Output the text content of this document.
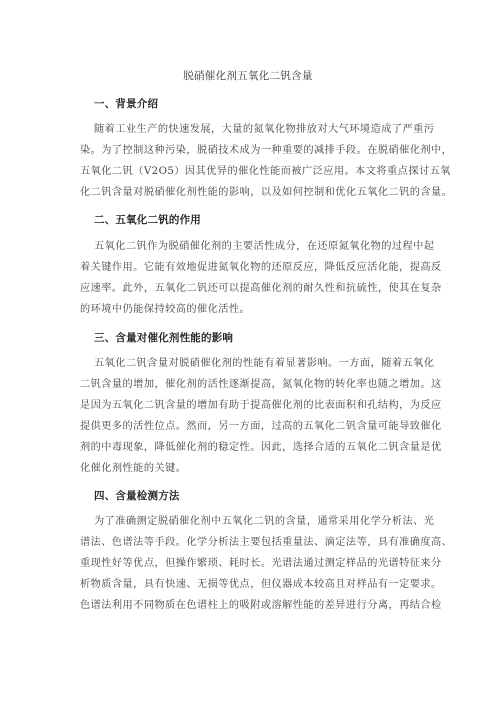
脱硝催化剂五氧化二钒含量
一、背景介绍
随着工业生产的快速发展，大量的氮氧化物排放对大气环境造成了严重污
染。为了控制这种污染，脱硝技术成为一种重要的减排手段。在脱硝催化剂中，
五氧化二钒（V2O5）因其优异的催化性能而被广泛应用。本文将重点探讨五氧
化二钒含量对脱硝催化剂性能的影响，以及如何控制和优化五氧化二钒的含量。
二、五氧化二钒的作用
五氧化二钒作为脱硝催化剂的主要活性成分，在还原氮氧化物的过程中起
着关键作用。它能有效地促进氮氧化物的还原反应，降低反应活化能，提高反
应速率。此外，五氧化二钒还可以提高催化剂的耐久性和抗硫性，使其在复杂
的环境中仍能保持较高的催化活性。
三、含量对催化剂性能的影响
五氧化二钒含量对脱硝催化剂的性能有着显著影响。一方面，随着五氧化
二钒含量的增加，催化剂的活性逐渐提高，氮氧化物的转化率也随之增加。这
是因为五氧化二钒含量的增加有助于提高催化剂的比表面积和孔结构，为反应
提供更多的活性位点。然而，另一方面，过高的五氧化二钒含量可能导致催化
剂的中毒现象，降低催化剂的稳定性。因此，选择合适的五氧化二钒含量是优
化催化剂性能的关键。
四、含量检测方法
为了准确测定脱硝催化剂中五氧化二钒的含量，通常采用化学分析法、光
谱法、色谱法等手段。化学分析法主要包括重量法、滴定法等，具有准确度高、
重现性好等优点，但操作繁琐、耗时长。光谱法通过测定样品的光谱特征来分
析物质含量，具有快速、无损等优点，但仪器成本较高且对样品有一定要求。
色谱法利用不同物质在色谱柱上的吸附或溶解性能的差异进行分离，再结合检
